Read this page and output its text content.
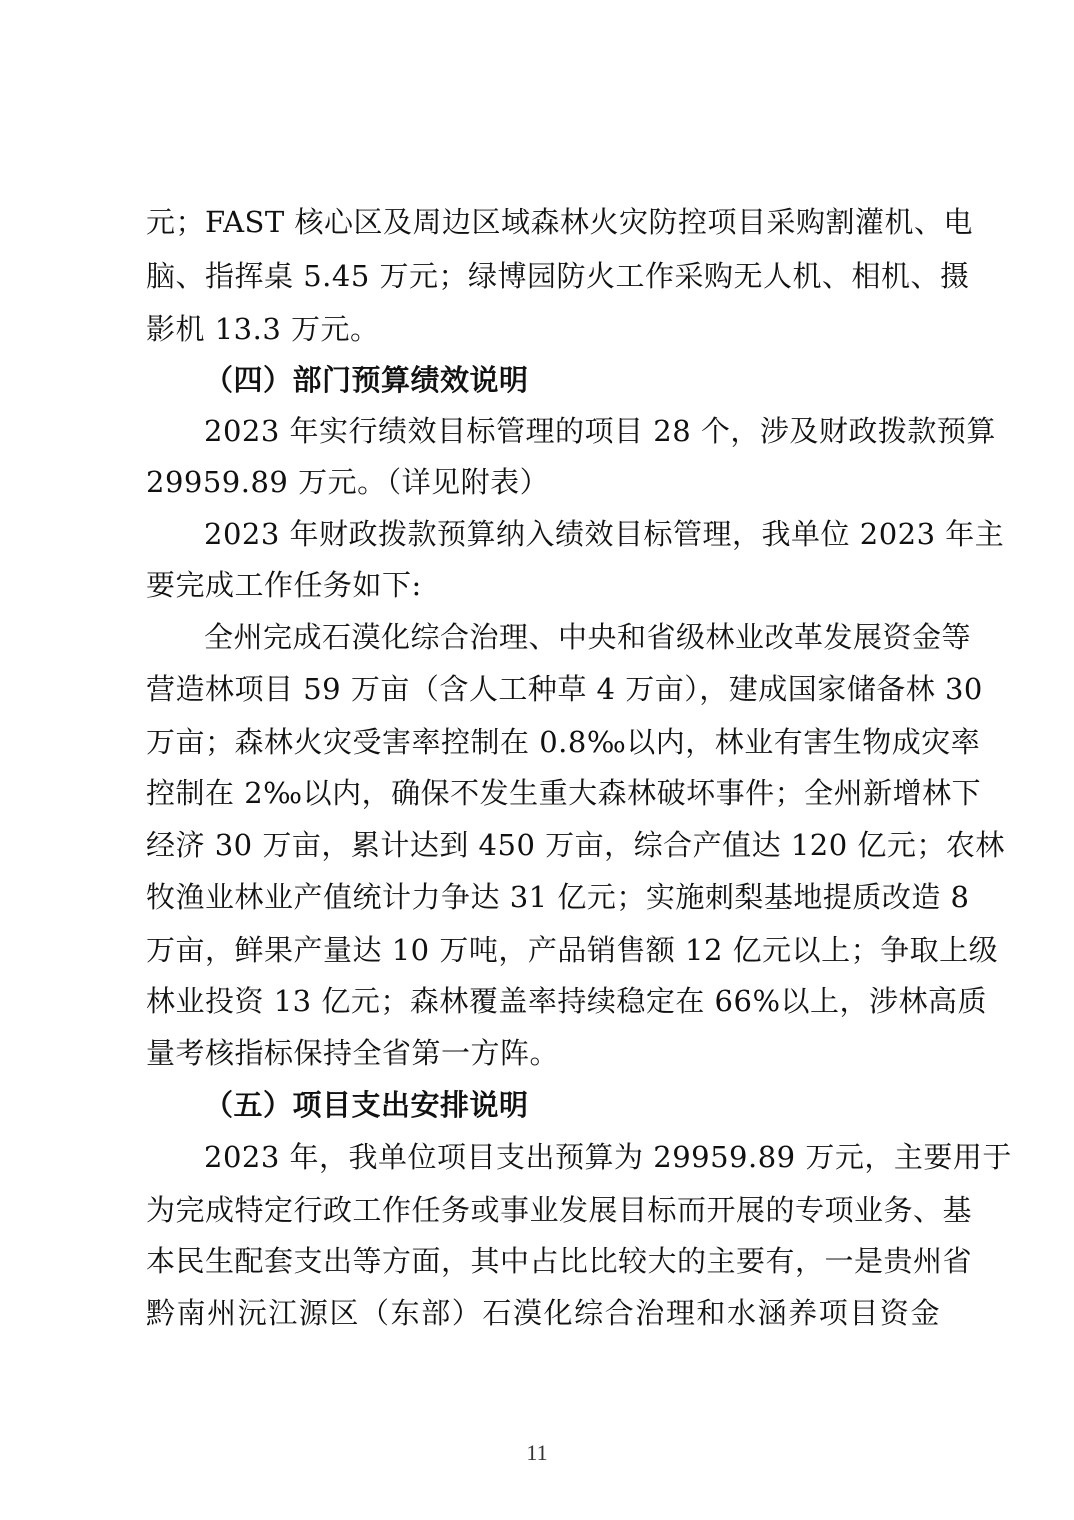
元；FAST 核心区及周边区域森林火灾防控项目采购割灌机、电
脑、指挥桌 5.45 万元；绿博园防火工作采购无人机、相机、摄
影机 13.3 万元。
（四）部门预算绩效说明
2023 年实行绩效目标管理的项目 28 个，涉及财政拨款预算
29959.89 万元。（详见附表）
2023 年财政拨款预算纳入绩效目标管理，我单位 2023 年主
要完成工作任务如下:
全州完成石漠化综合治理、中央和省级林业改革发展资金等
营造林项目 59 万亩（含人工种草 4 万亩），建成国家储备林 30
万亩；森林火灾受害率控制在 0.8‰以内，林业有害生物成灾率
控制在 2‰以内，确保不发生重大森林破坏事件；全州新增林下
经济 30 万亩，累计达到 450 万亩，综合产值达 120 亿元；农林
牧渔业林业产值统计力争达 31 亿元；实施刺梨基地提质改造 8
万亩，鲜果产量达 10 万吨，产品销售额 12 亿元以上；争取上级
林业投资 13 亿元；森林覆盖率持续稳定在 66%以上，涉林高质
量考核指标保持全省第一方阵。
（五）项目支出安排说明
2023 年，我单位项目支出预算为 29959.89 万元，主要用于
为完成特定行政工作任务或事业发展目标而开展的专项业务、基
本民生配套支出等方面，其中占比比较大的主要有，一是贵州省
黔南州沅江源区（东部）石漠化综合治理和水涵养项目资金
11
